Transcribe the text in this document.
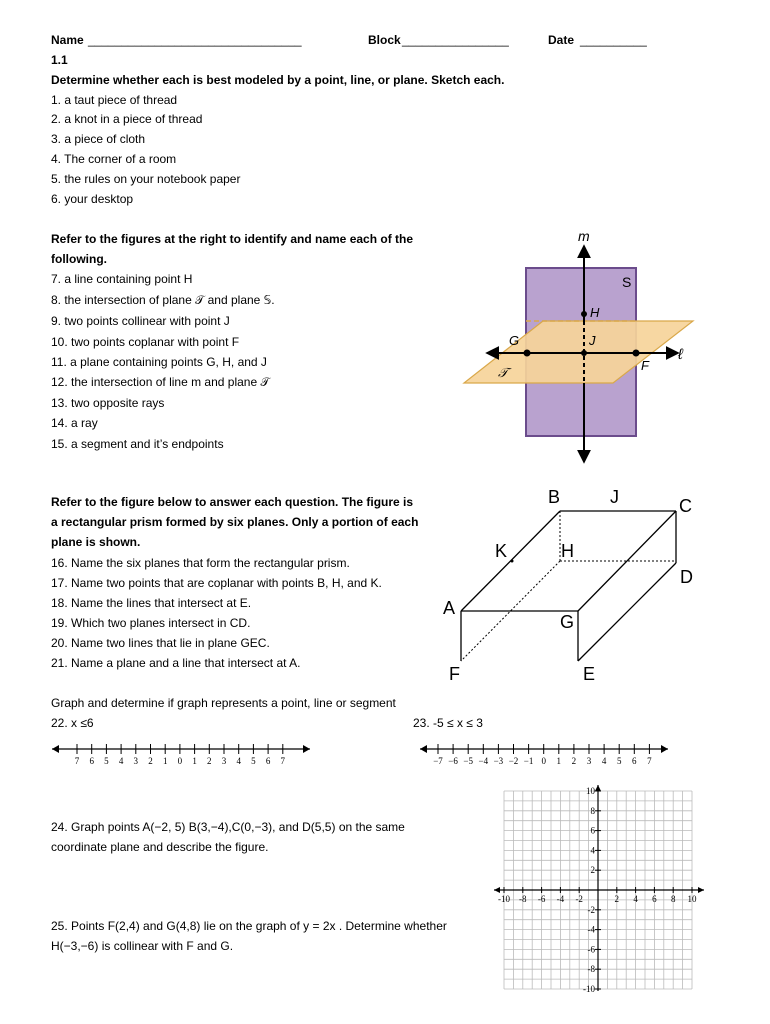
Name ________________________________	Block ________________	Date __________
1.1
Determine whether each is best modeled by a point, line, or plane. Sketch each.
1. a taut piece of thread
2. a knot in a piece of thread
3. a piece of cloth
4. The corner of a room
5. the rules on your notebook paper
6. your desktop
Refer to the figures at the right to identify and name each of the
following.
7. a line containing point H
8. the intersection of plane 𝒯 and plane 𝕊.
9. two points collinear with point J
10. two points coplanar with point F
11. a plane containing points G, H, and J
12. the intersection of line m and plane 𝒯
13. two opposite rays
14. a ray
15. a segment and it’s endpoints
m
S
H
G	J
F
ℓ
𝒯
Refer to the figure below to answer each question. The figure is
a rectangular prism formed by six planes. Only a portion of each
plane is shown.
16. Name the six planes that form the rectangular prism.
17. Name two points that are coplanar with points B, H, and K.
18. Name the lines that intersect at E.
19. Which two planes intersect in CD.
20. Name two lines that lie in plane GEC.
21. Name a plane and a line that intersect at A.
B	J	C
K	H
D
A
G
F	E
Graph and determine if graph represents a point, line or segment
22. x ≤6	23. -5 ≤ x ≤ 3
7 6 5 4 3 2 1 0 1 2 3 4 5 6 7	−7 −6 −5 −4 −3 −2 −1 0 1 2 3 4 5 6 7
24. Graph points A(−2, 5) B(3,−4),C(0,−3), and D(5,5) on the same
coordinate plane and describe the figure.
25. Points F(2,4) and G(4,8) lie on the graph of y = 2x . Determine whether
H(−3,−6) is collinear with F and G.
-10 -8 -6 -4 -2	2 4 6 8 10
10
8
6
4
2
-2
-4
-6
-8
-10
